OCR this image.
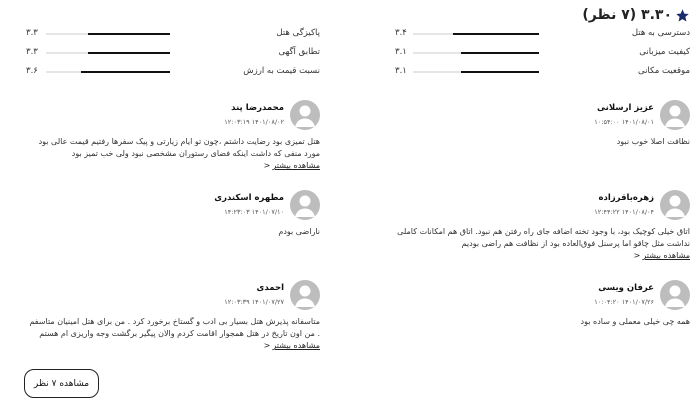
۳.۳۰ (۷ نظر)
دسترسی به هتل
۳.۴
کیفیت میزبانی
۳.۱
موقعیت مکانی
۳.۱
پاکیزگی هتل
۳.۳
تطابق آگهی
۳.۳
نسبت قیمت به ارزش
۳.۶
عزیز ارسلانی
۱۴۰۱/۰۸/۰۱ ۱۰:۵۴:۰۰
نظافت اصلا خوب نبود
محمدرضا پند
۱۴۰۱/۰۸/۰۲ ۱۲:۰۳:۱۹
هتل تمیزی بود رضایت داشتم ،چون تو ایام زیارتی و پیک سفرها رفتیم قیمت عالی بود مورد منفی که داشت اینکه فضای رستوران مشخصی نبود ولی خب تمیز بود
مشاهده بیشتر<
زهره‌باقرزاده
۱۴۰۱/۰۸/۰۴ ۱۲:۴۴:۲۲
اتاق خیلی کوچیک بود، با وجود تخته اضافه جای راه رفتن هم نبود. اتاق هم امکانات کاملی نداشت مثل چاقو اما پرسنل فوق‌العاده بود از نظافت هم راضی بودیم
مشاهده بیشتر<
مطهره اسکندری
۱۴۰۱/۰۷/۱۰ ۱۴:۲۳:۰۳
ناراضی بودم
عرفان ویسی
۱۴۰۱/۰۷/۲۶ ۱۰:۰۴:۲۰
همه چی خیلی معملی و ساده بود
احمدی
۱۴۰۱/۰۷/۲۷ ۱۲:۰۳:۳۹
متاسفانه پذیرش هتل بسیار بی ادب و گستاخ برخورد کرد . من برای هتل امینیان متاسفم . من اون تاریخ در هتل همجوار اقامت کردم والان پیگیر برگشت وجه واریزی ام هستم
مشاهده بیشتر<
مشاهده ۷ نظر
